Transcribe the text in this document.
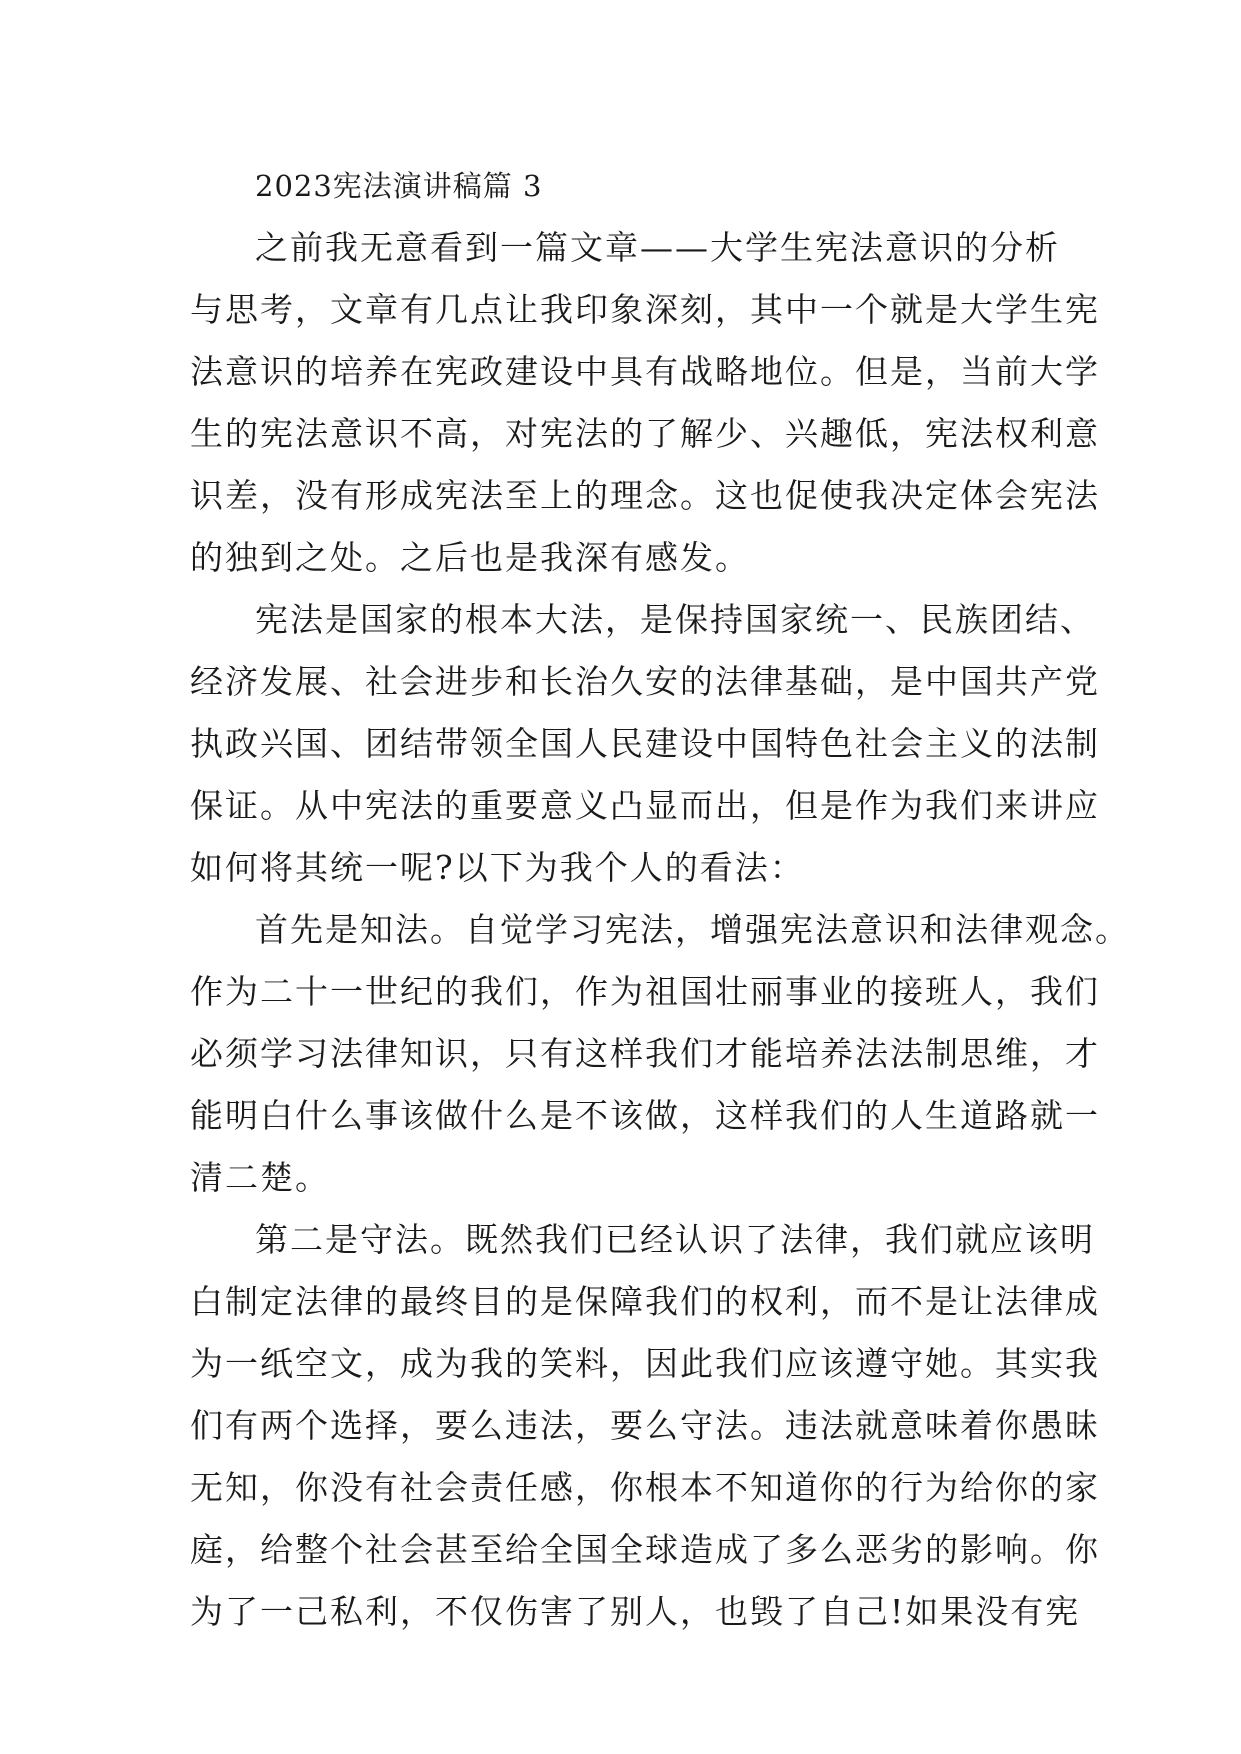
2023宪法演讲稿篇 3
之前我无意看到一篇文章——大学生宪法意识的分析
与思考，文章有几点让我印象深刻，其中一个就是大学生宪
法意识的培养在宪政建设中具有战略地位。但是，当前大学
生的宪法意识不高，对宪法的了解少、兴趣低，宪法权利意
识差，没有形成宪法至上的理念。这也促使我决定体会宪法
的独到之处。之后也是我深有感发。
宪法是国家的根本大法，是保持国家统一、民族团结、
经济发展、社会进步和长治久安的法律基础，是中国共产党
执政兴国、团结带领全国人民建设中国特色社会主义的法制
保证。从中宪法的重要意义凸显而出，但是作为我们来讲应
如何将其统一呢?以下为我个人的看法：
首先是知法。自觉学习宪法，增强宪法意识和法律观念。
作为二十一世纪的我们，作为祖国壮丽事业的接班人，我们
必须学习法律知识，只有这样我们才能培养法法制思维，才
能明白什么事该做什么是不该做，这样我们的人生道路就一
清二楚。
第二是守法。既然我们已经认识了法律，我们就应该明
白制定法律的最终目的是保障我们的权利，而不是让法律成
为一纸空文，成为我的笑料，因此我们应该遵守她。其实我
们有两个选择，要么违法，要么守法。违法就意味着你愚昧
无知，你没有社会责任感，你根本不知道你的行为给你的家
庭，给整个社会甚至给全国全球造成了多么恶劣的影响。你
为了一己私利，不仅伤害了别人，也毁了自己!如果没有宪
